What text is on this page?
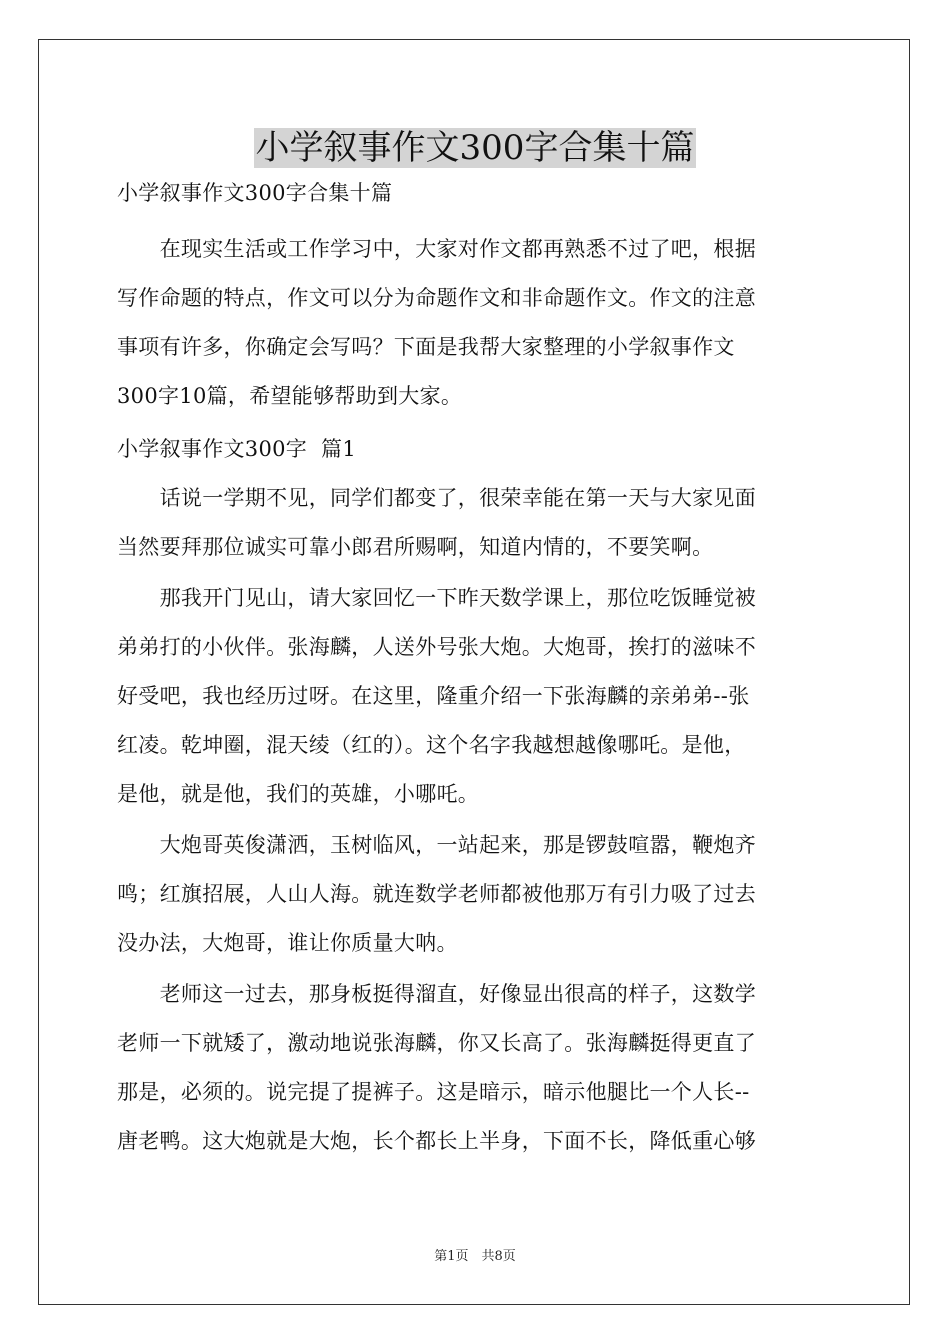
小学叙事作文300字合集十篇
小学叙事作文300字合集十篇
　　在现实生活或工作学习中，大家对作文都再熟悉不过了吧，根据
写作命题的特点，作文可以分为命题作文和非命题作文。作文的注意
事项有许多，你确定会写吗？下面是我帮大家整理的小学叙事作文
300字10篇，希望能够帮助到大家。
小学叙事作文300字  篇1
　　话说一学期不见，同学们都变了，很荣幸能在第一天与大家见面
当然要拜那位诚实可靠小郎君所赐啊，知道内情的，不要笑啊。
　　那我开门见山，请大家回忆一下昨天数学课上，那位吃饭睡觉被
弟弟打的小伙伴。张海麟，人送外号张大炮。大炮哥，挨打的滋味不
好受吧，我也经历过呀。在这里，隆重介绍一下张海麟的亲弟弟--张
红凌。乾坤圈，混天绫（红的）。这个名字我越想越像哪吒。是他，
是他，就是他，我们的英雄，小哪吒。
　　大炮哥英俊潇洒，玉树临风，一站起来，那是锣鼓喧嚣，鞭炮齐
鸣；红旗招展，人山人海。就连数学老师都被他那万有引力吸了过去
没办法，大炮哥，谁让你质量大呐。
　　老师这一过去，那身板挺得溜直，好像显出很高的样子，这数学
老师一下就矮了，激动地说张海麟，你又长高了。张海麟挺得更直了
那是，必须的。说完提了提裤子。这是暗示，暗示他腿比一个人长--
唐老鸭。这大炮就是大炮，长个都长上半身，下面不长，降低重心够
第1页　共8页
